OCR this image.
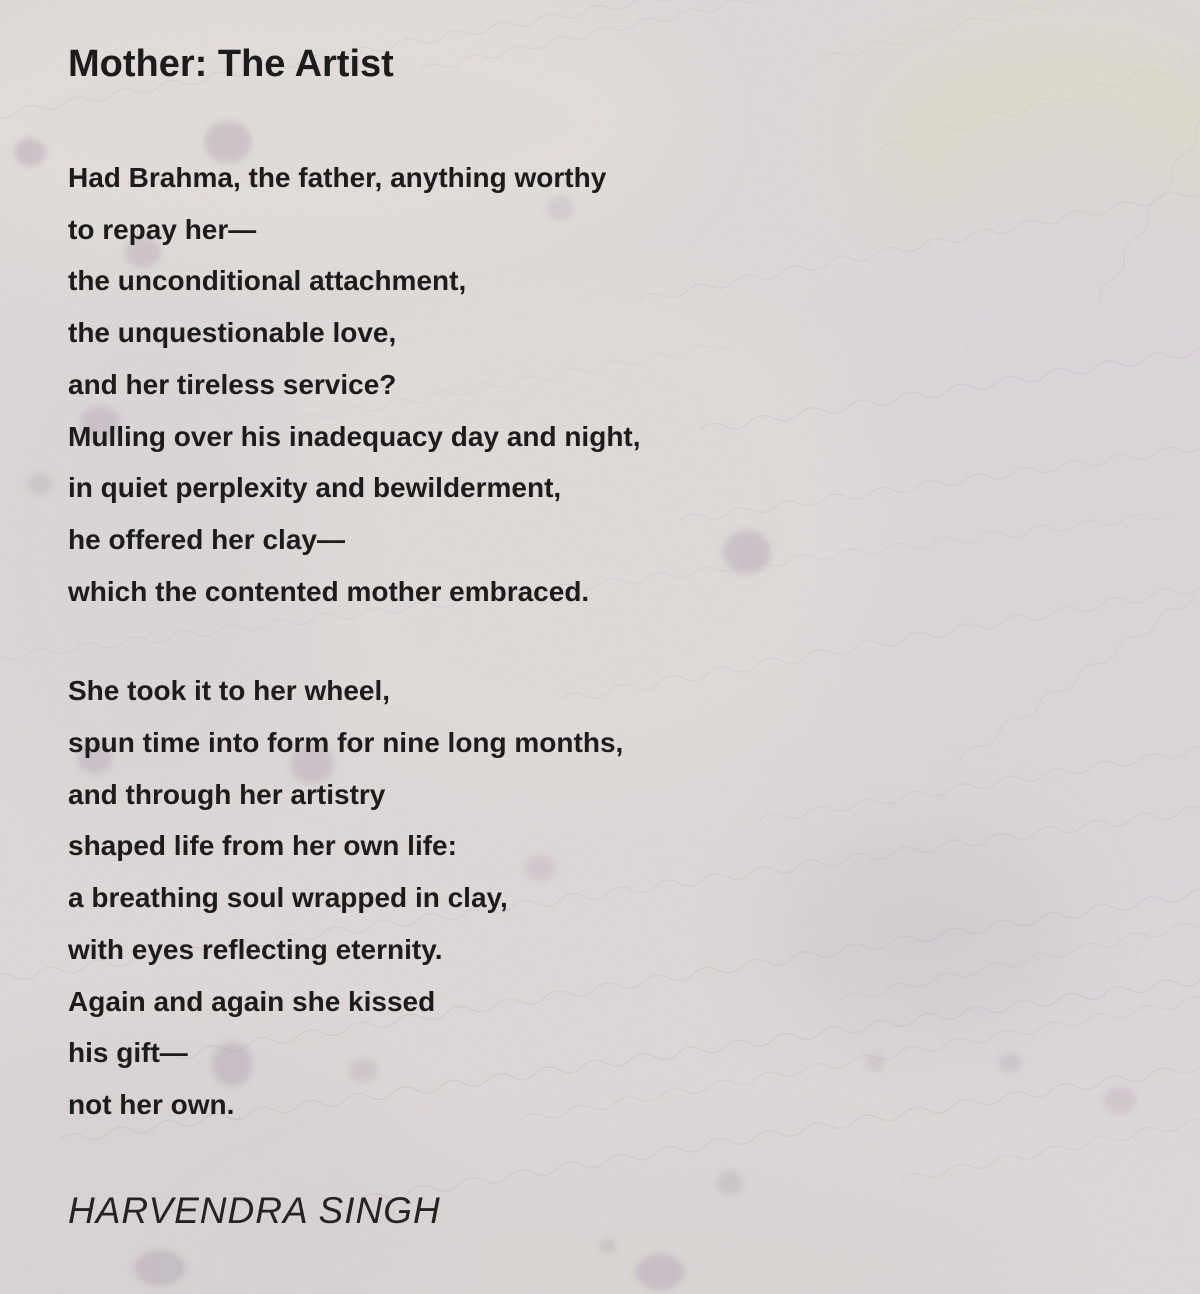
Mother: The Artist
Had Brahma, the father, anything worthy
to repay her—
the unconditional attachment,
the unquestionable love,
and her tireless service?
Mulling over his inadequacy day and night,
in quiet perplexity and bewilderment,
he offered her clay—
which the contented mother embraced.
She took it to her wheel,
spun time into form for nine long months,
and through her artistry
shaped life from her own life:
a breathing soul wrapped in clay,
with eyes reflecting eternity.
Again and again she kissed
his gift—
not her own.
HARVENDRA SINGH
